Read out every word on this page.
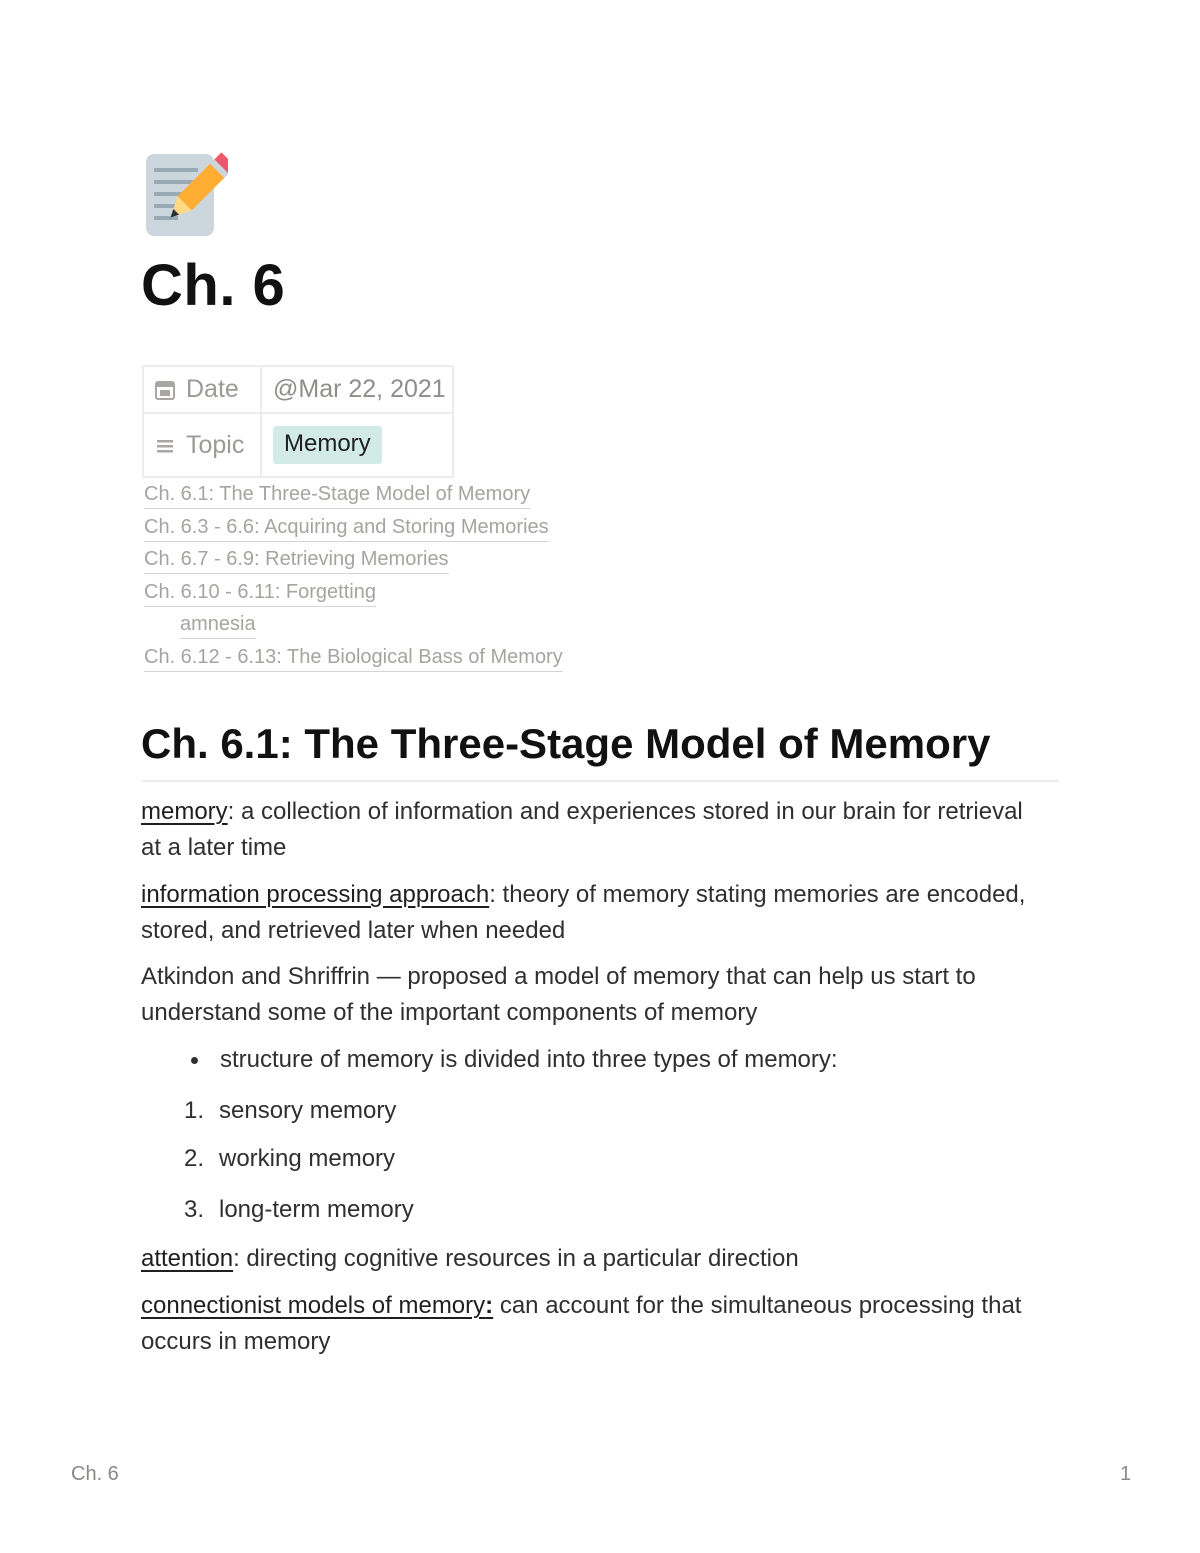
Ch. 6
Date	@Mar 22, 2021

Topic	Memory
Ch. 6.1: The Three-Stage Model of Memory
Ch. 6.3 - 6.6: Acquiring and Storing Memories
Ch. 6.7 - 6.9: Retrieving Memories
Ch. 6.10 - 6.11: Forgetting
amnesia
Ch. 6.12 - 6.13: The Biological Bass of Memory
Ch. 6.1: The Three-Stage Model of Memory

memory: a collection of information and experiences stored in our brain for retrieval at a later time

information processing approach: theory of memory stating memories are encoded, stored, and retrieved later when needed

Atkindon and Shriffrin — proposed a model of memory that can help us start to understand some of the important components of memory

structure of memory is divided into three types of memory:
1. sensory memory
2. working memory
3. long-term memory

attention: directing cognitive resources in a particular direction

connectionist models of memory: can account for the simultaneous processing that occurs in memory

Ch. 6	1
